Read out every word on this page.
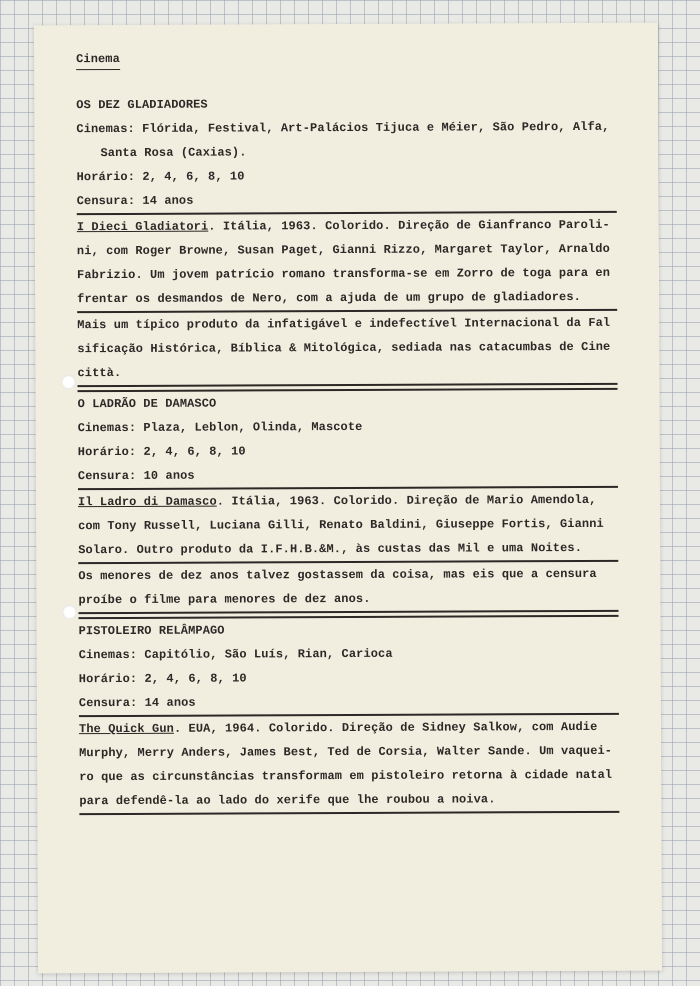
Cinema

OS DEZ GLADIADORES

Cinemas: Flórida, Festival, Art-Palácios Tijuca e Méier, São Pedro, Alfa,

Santa Rosa (Caxias).

Horário: 2, 4, 6, 8, 10

Censura: 14 anos

I Dieci Gladiatori. Itália, 1963. Colorido. Direção de Gianfranco Paroli-

ni, com Roger Browne, Susan Paget, Gianni Rizzo, Margaret Taylor, Arnaldo

Fabrizio. Um jovem patrício romano transforma-se em Zorro de toga para en

frentar os desmandos de Nero, com a ajuda de um grupo de gladiadores.

Mais um típico produto da infatigável e indefectível Internacional da Fal

sificação Histórica, Bíblica & Mitológica, sediada nas catacumbas de Cine

città.

O LADRÃO DE DAMASCO

Cinemas: Plaza, Leblon, Olinda, Mascote

Horário: 2, 4, 6, 8, 10

Censura: 10 anos

Il Ladro di Damasco. Itália, 1963. Colorido. Direção de Mario Amendola,

com Tony Russell, Luciana Gilli, Renato Baldini, Giuseppe Fortis, Gianni

Solaro. Outro produto da I.F.H.B.&M., às custas das Mil e uma Noites.

Os menores de dez anos talvez gostassem da coisa, mas eis que a censura

proíbe o filme para menores de dez anos.

PISTOLEIRO RELÂMPAGO

Cinemas: Capitólio, São Luís, Rian, Carioca

Horário: 2, 4, 6, 8, 10

Censura: 14 anos

The Quick Gun. EUA, 1964. Colorido. Direção de Sidney Salkow, com Audie

Murphy, Merry Anders, James Best, Ted de Corsia, Walter Sande. Um vaquei-

ro que as circunstâncias transformam em pistoleiro retorna à cidade natal

para defendê-la ao lado do xerife que lhe roubou a noiva.
